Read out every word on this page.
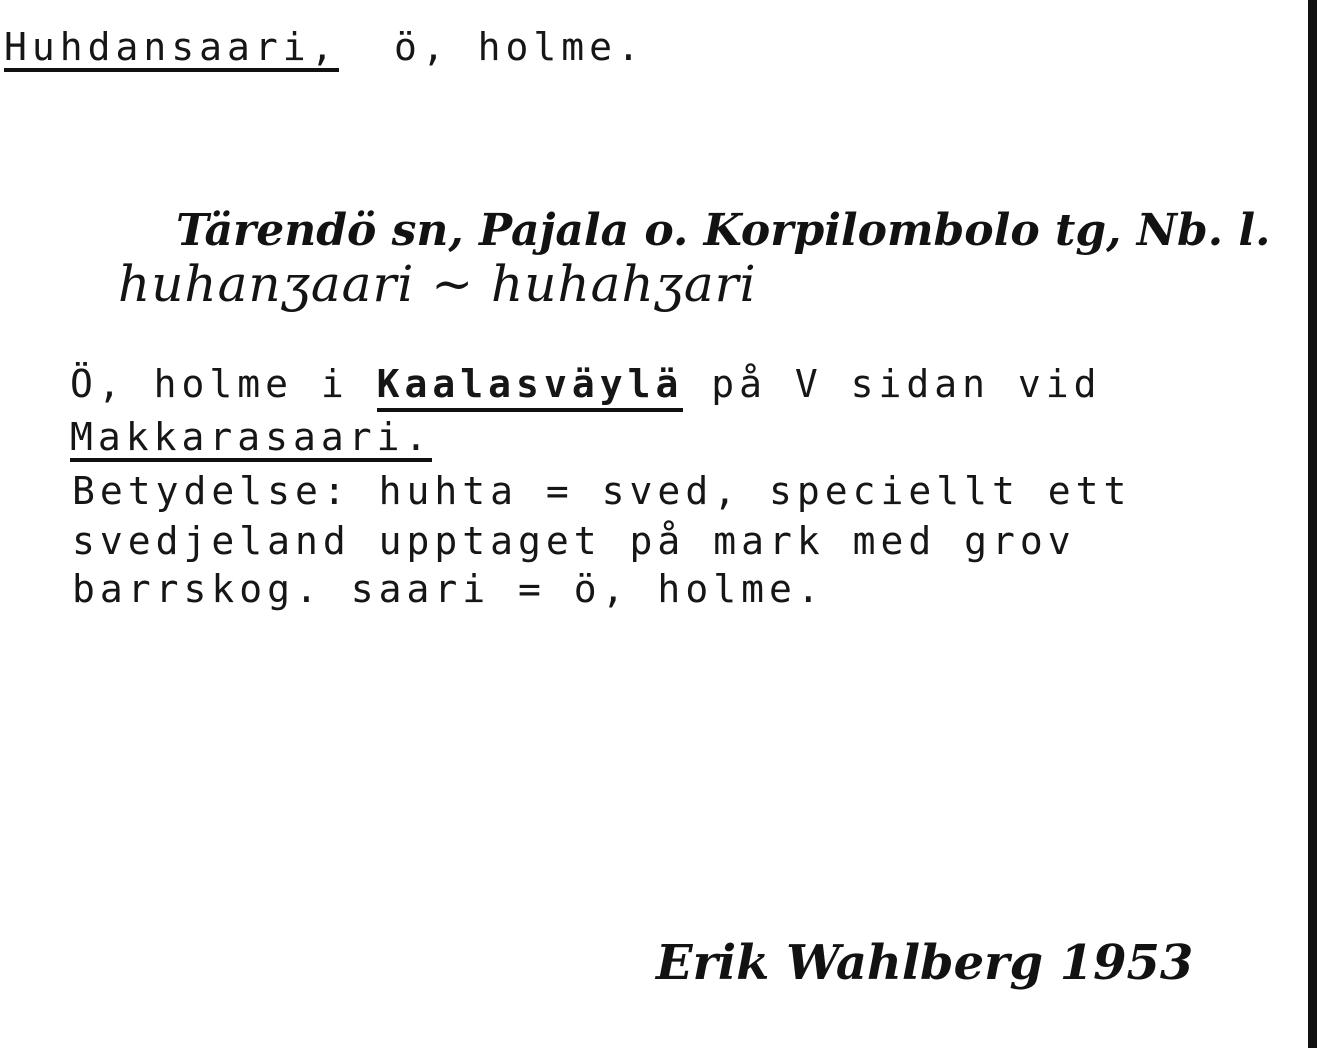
Huhdansaari, ö, holme.
Tärendö sn, Pajala o. Korpilombolo tg, Nb. l.
huhanʒaari ~ huhahʒari
Ö, holme i Kaalasväylä på V sidan vid
Makkarasaari.
Betydelse: huhta = sved, speciellt ett
svedjeland upptaget på mark med grov
barrskog. saari = ö, holme.
Erik Wahlberg 1953
